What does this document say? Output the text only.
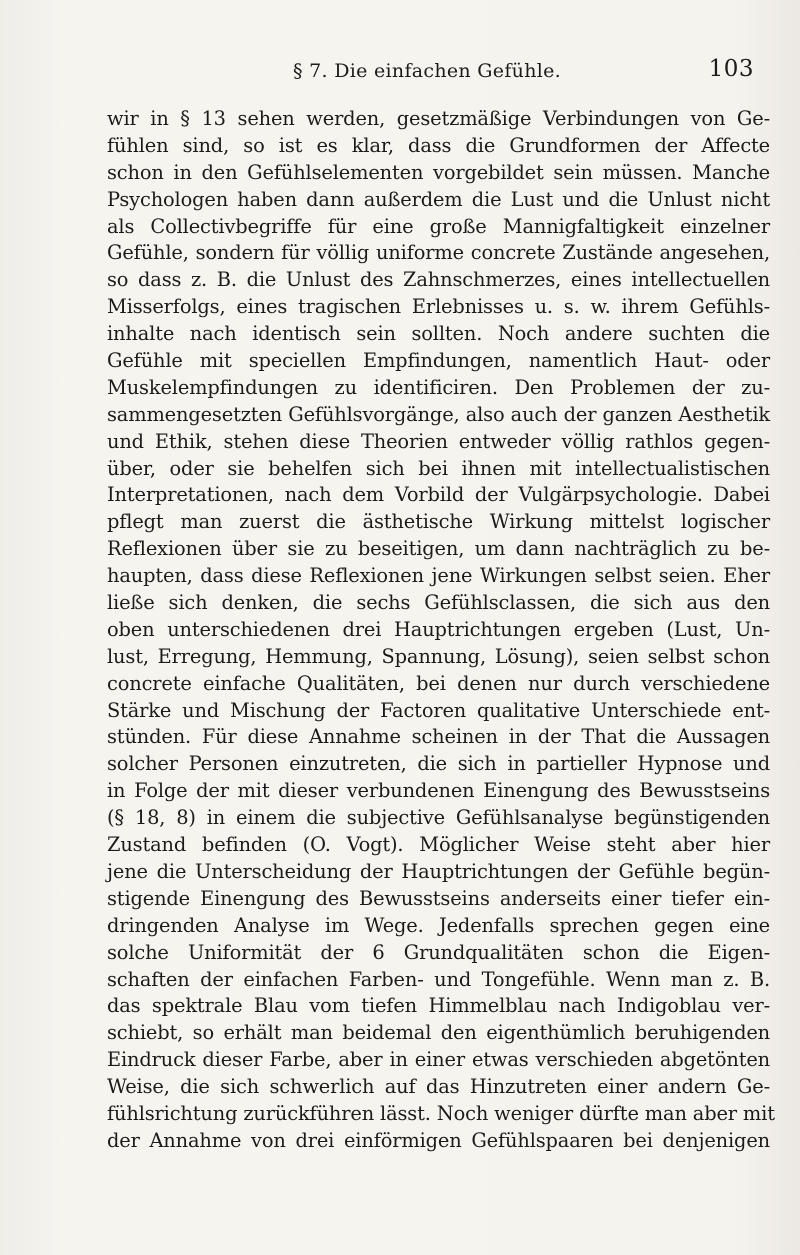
§ 7. Die einfachen Gefühle.	103
wir in § 13 sehen werden, gesetzmäßige Verbindungen von Ge-
fühlen sind, so ist es klar, dass die Grundformen der Affecte
schon in den Gefühlselementen vorgebildet sein müssen. Manche
Psychologen haben dann außerdem die Lust und die Unlust nicht
als Collectivbegriffe für eine große Mannigfaltigkeit einzelner
Gefühle, sondern für völlig uniforme concrete Zustände angesehen,
so dass z. B. die Unlust des Zahnschmerzes, eines intellectuellen
Misserfolgs, eines tragischen Erlebnisses u. s. w. ihrem Gefühls-
inhalte nach identisch sein sollten. Noch andere suchten die
Gefühle mit speciellen Empfindungen, namentlich Haut- oder
Muskelempfindungen zu identificiren. Den Problemen der zu-
sammengesetzten Gefühlsvorgänge, also auch der ganzen Aesthetik
und Ethik, stehen diese Theorien entweder völlig rathlos gegen-
über, oder sie behelfen sich bei ihnen mit intellectualistischen
Interpretationen, nach dem Vorbild der Vulgärpsychologie. Dabei
pflegt man zuerst die ästhetische Wirkung mittelst logischer
Reflexionen über sie zu beseitigen, um dann nachträglich zu be-
haupten, dass diese Reflexionen jene Wirkungen selbst seien. Eher
ließe sich denken, die sechs Gefühlsclassen, die sich aus den
oben unterschiedenen drei Hauptrichtungen ergeben (Lust, Un-
lust, Erregung, Hemmung, Spannung, Lösung), seien selbst schon
concrete einfache Qualitäten, bei denen nur durch verschiedene
Stärke und Mischung der Factoren qualitative Unterschiede ent-
stünden. Für diese Annahme scheinen in der That die Aussagen
solcher Personen einzutreten, die sich in partieller Hypnose und
in Folge der mit dieser verbundenen Einengung des Bewusstseins
(§ 18, 8) in einem die subjective Gefühlsanalyse begünstigenden
Zustand befinden (O. Vogt). Möglicher Weise steht aber hier
jene die Unterscheidung der Hauptrichtungen der Gefühle begün-
stigende Einengung des Bewusstseins anderseits einer tiefer ein-
dringenden Analyse im Wege. Jedenfalls sprechen gegen eine
solche Uniformität der 6 Grundqualitäten schon die Eigen-
schaften der einfachen Farben- und Tongefühle. Wenn man z. B.
das spektrale Blau vom tiefen Himmelblau nach Indigoblau ver-
schiebt, so erhält man beidemal den eigenthümlich beruhigenden
Eindruck dieser Farbe, aber in einer etwas verschieden abgetönten
Weise, die sich schwerlich auf das Hinzutreten einer andern Ge-
fühlsrichtung zurückführen lässt. Noch weniger dürfte man aber mit
der Annahme von drei einförmigen Gefühlspaaren bei denjenigen
